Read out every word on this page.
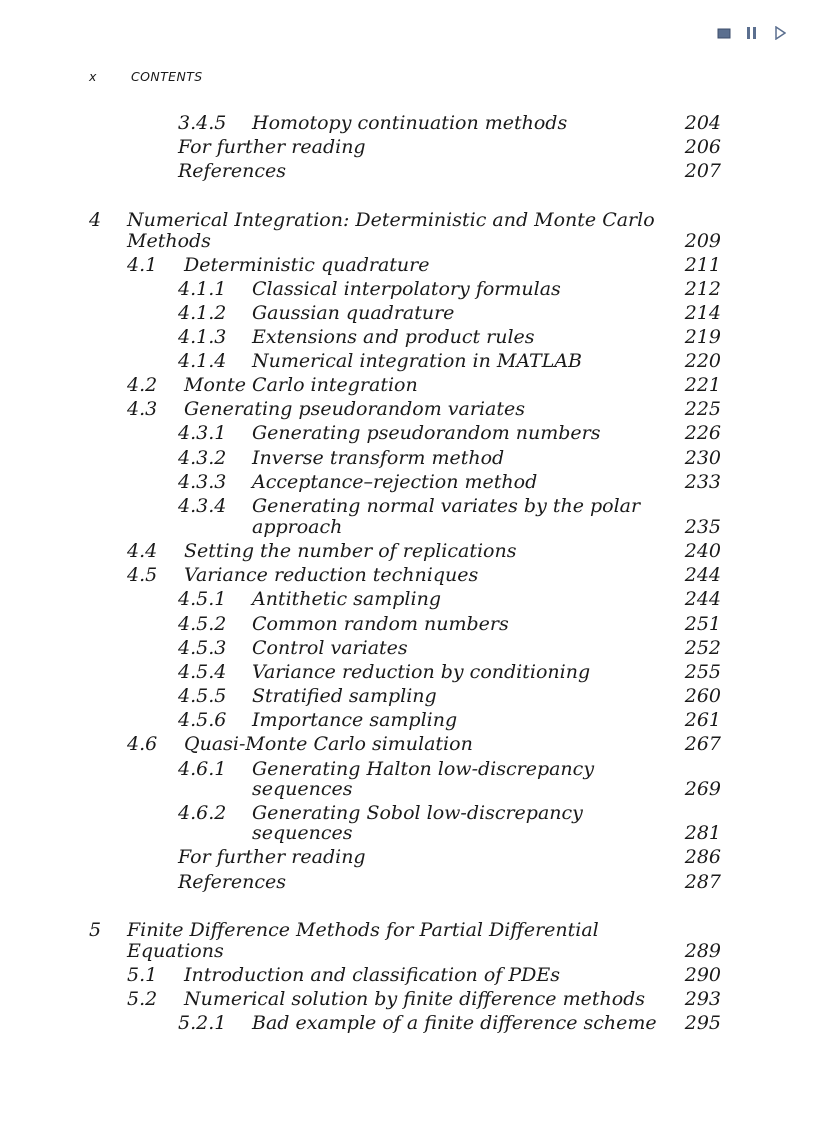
x	CONTENTS
3.4.5 Homotopy continuation methods	204
For further reading	206
References	207
4 Numerical Integration: Deterministic and Monte Carlo
Methods	209
4.1 Deterministic quadrature	211
4.1.1 Classical interpolatory formulas	212
4.1.2 Gaussian quadrature	214
4.1.3 Extensions and product rules	219
4.1.4 Numerical integration in MATLAB	220
4.2 Monte Carlo integration	221
4.3 Generating pseudorandom variates	225
4.3.1 Generating pseudorandom numbers	226
4.3.2 Inverse transform method	230
4.3.3 Acceptance–rejection method	233
4.3.4 Generating normal variates by the polar
approach	235
4.4 Setting the number of replications	240
4.5 Variance reduction techniques	244
4.5.1 Antithetic sampling	244
4.5.2 Common random numbers	251
4.5.3 Control variates	252
4.5.4 Variance reduction by conditioning	255
4.5.5 Stratified sampling	260
4.5.6 Importance sampling	261
4.6 Quasi-Monte Carlo simulation	267
4.6.1 Generating Halton low-discrepancy
sequences	269
4.6.2 Generating Sobol low-discrepancy
sequences	281
For further reading	286
References	287
5 Finite Difference Methods for Partial Differential
Equations	289
5.1 Introduction and classification of PDEs	290
5.2 Numerical solution by finite difference methods	293
5.2.1 Bad example of a finite difference scheme	295
